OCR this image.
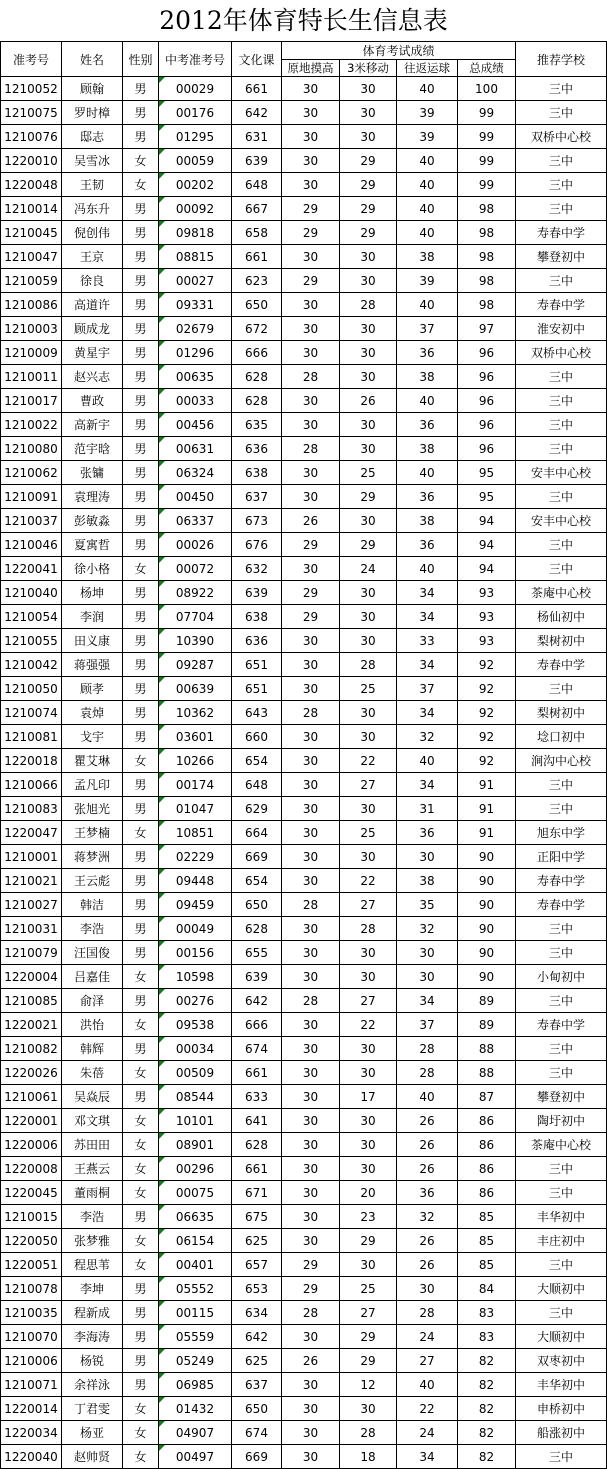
2012年体育特长生信息表
准考号	姓名	性别	中考准考号	文化课	体育考试成绩				推荐学校
					原地摸高	3米移动	往返运球	总成绩	
1210052	顾翰	男	00029	661	30	30	40	100	三中
1210075	罗时樟	男	00176	642	30	30	39	99	三中
1210076	邸志	男	01295	631	30	30	39	99	双桥中心校
1220010	吴雪冰	女	00059	639	30	29	40	99	三中
1220048	王韧	女	00202	648	30	29	40	99	三中
1210014	冯东升	男	00092	667	29	29	40	98	三中
1210045	倪创伟	男	09818	658	29	29	40	98	寿春中学
1210047	王京	男	08815	661	30	30	38	98	攀登初中
1210059	徐良	男	00027	623	29	30	39	98	三中
1210086	高道许	男	09331	650	30	28	40	98	寿春中学
1210003	顾成龙	男	02679	672	30	30	37	97	淮安初中
1210009	黄星宇	男	01296	666	30	30	36	96	双桥中心校
1210011	赵兴志	男	00635	628	28	30	38	96	三中
1210017	曹政	男	00033	628	30	26	40	96	三中
1210022	高新宇	男	00456	635	30	30	36	96	三中
1210080	范宇晗	男	00631	636	28	30	38	96	三中
1210062	张镛	男	06324	638	30	25	40	95	安丰中心校
1210091	袁理涛	男	00450	637	30	29	36	95	三中
1210037	彭敏淼	男	06337	673	26	30	38	94	安丰中心校
1210046	夏寓哲	男	00026	676	29	29	36	94	三中
1220041	徐小格	女	00072	632	30	24	40	94	三中
1210040	杨坤	男	08922	639	29	30	34	93	茶庵中心校
1210054	李润	男	07704	638	29	30	34	93	杨仙初中
1210055	田义康	男	10390	636	30	30	33	93	梨树初中
1210042	蒋强强	男	09287	651	30	28	34	92	寿春中学
1210050	顾孝	男	00639	651	30	25	37	92	三中
1210074	袁焯	男	10362	643	28	30	34	92	梨树初中
1210081	戈宇	男	03601	660	30	30	32	92	埝口初中
1220018	瞿艾琳	女	10266	654	30	22	40	92	涧沟中心校
1210066	孟凡印	男	00174	648	30	27	34	91	三中
1210083	张旭光	男	01047	629	30	30	31	91	三中
1220047	王梦楠	女	10851	664	30	25	36	91	旭东中学
1210001	蒋梦洲	男	02229	669	30	30	30	90	正阳中学
1210021	王云彪	男	09448	654	30	22	38	90	寿春中学
1210027	韩洁	男	09459	650	28	27	35	90	寿春中学
1210031	李浩	男	00049	628	30	28	32	90	三中
1210079	汪国俊	男	00156	655	30	30	30	90	三中
1220004	吕嘉佳	女	10598	639	30	30	30	90	小甸初中
1210085	俞泽	男	00276	642	28	27	34	89	三中
1220021	洪怡	女	09538	666	30	22	37	89	寿春中学
1210082	韩辉	男	00034	674	30	30	28	88	三中
1220026	朱蓓	女	00509	661	30	30	28	88	三中
1210061	吴焱辰	男	08544	633	30	17	40	87	攀登初中
1220001	邓文琪	女	10101	641	30	30	26	86	陶圩初中
1220006	苏田田	女	08901	628	30	30	26	86	茶庵中心校
1220008	王燕云	女	00296	661	30	30	26	86	三中
1220045	董雨桐	女	00075	671	30	20	36	86	三中
1210015	李浩	男	06635	675	30	23	32	85	丰华初中
1220050	张梦雅	女	06154	625	30	29	26	85	丰庄初中
1220051	程思苇	女	00401	657	29	30	26	85	三中
1210078	李坤	男	05552	653	29	25	30	84	大顺初中
1210035	程新成	男	00115	634	28	27	28	83	三中
1210070	李海涛	男	05559	642	30	29	24	83	大顺初中
1210006	杨锐	男	05249	625	26	29	27	82	双枣初中
1210071	余祥泳	男	06985	637	30	12	40	82	丰华初中
1220014	丁君雯	女	01432	650	30	30	22	82	申桥初中
1220034	杨亚	女	04907	674	30	28	24	82	船涨初中
1220040	赵帅贤	女	00497	669	30	18	34	82	三中
